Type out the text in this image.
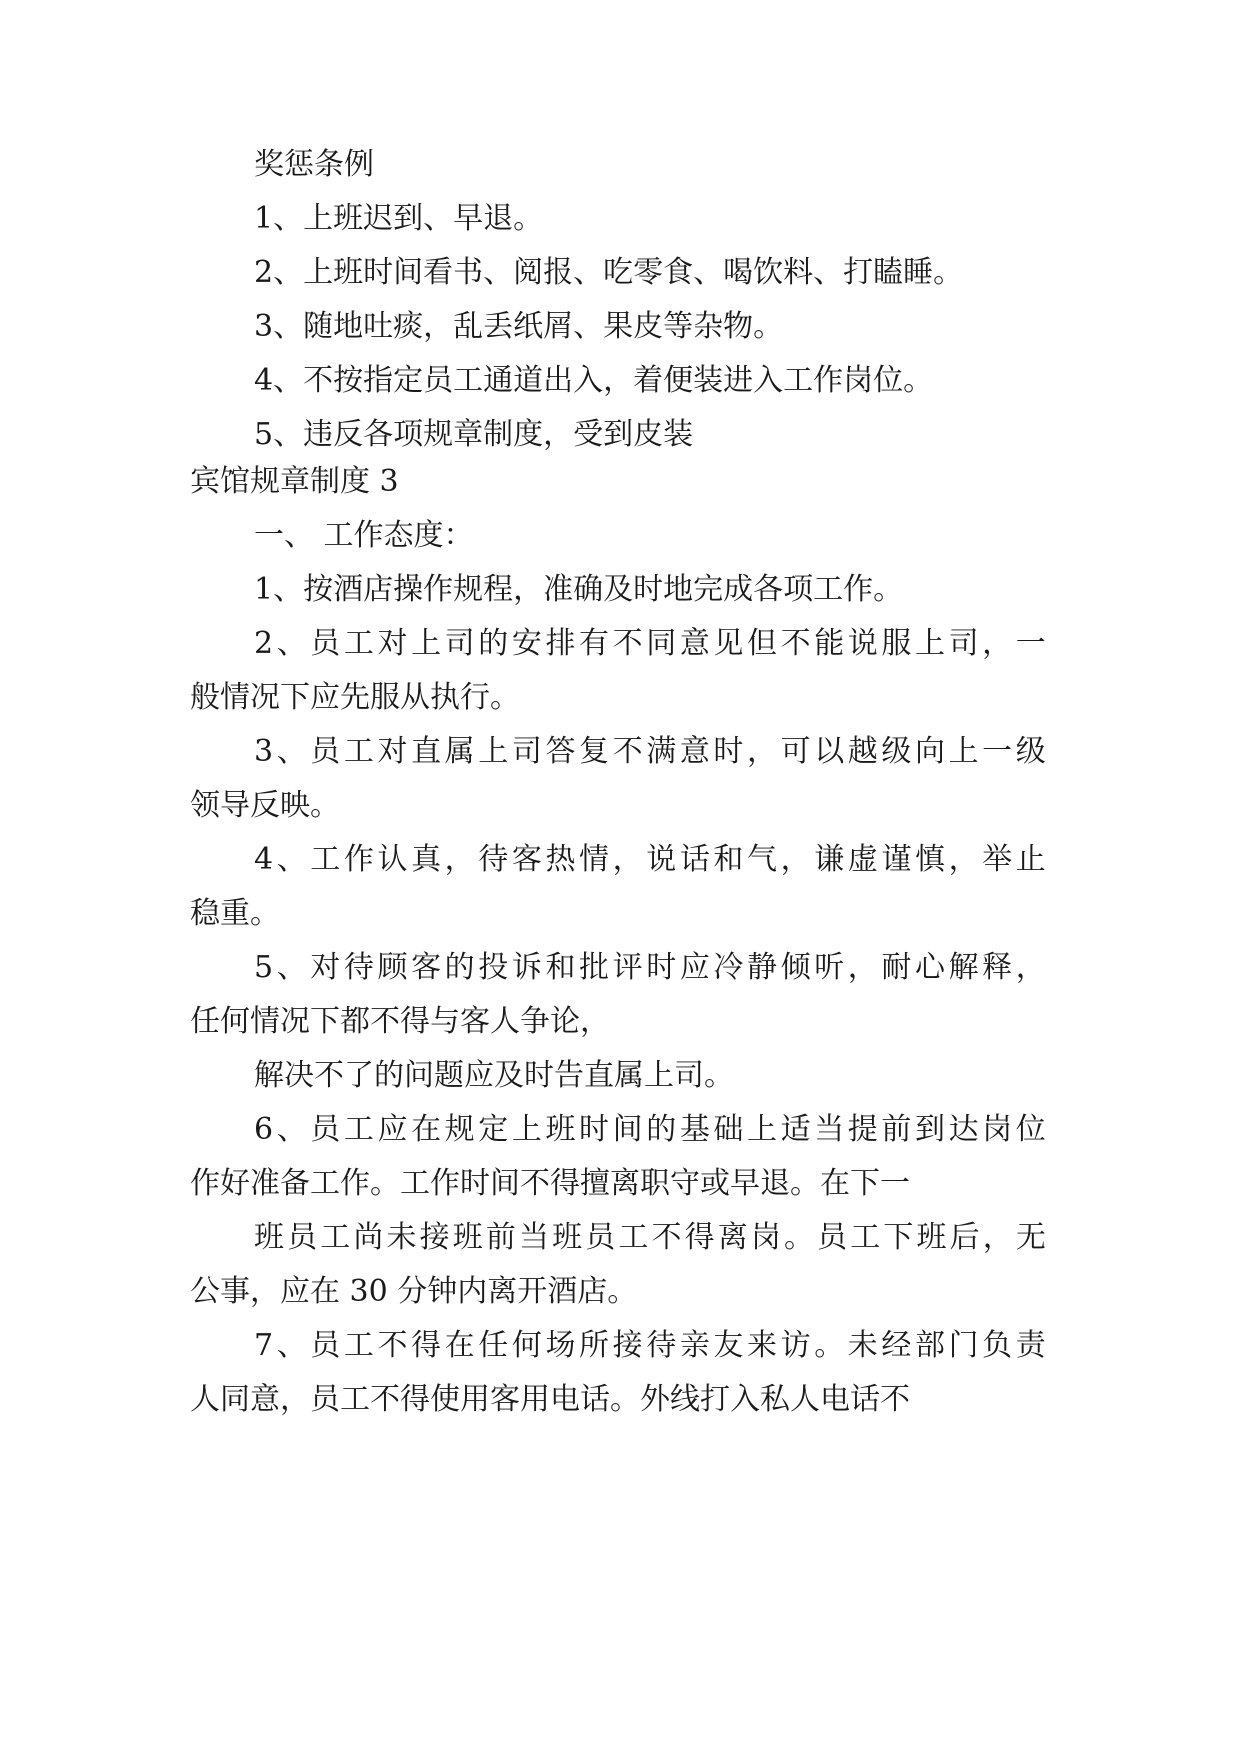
奖惩条例
1、上班迟到、早退。
2、上班时间看书、阅报、吃零食、喝饮料、打瞌睡。
3、随地吐痰，乱丢纸屑、果皮等杂物。
4、不按指定员工通道出入，着便装进入工作岗位。
5、违反各项规章制度，受到皮装
宾馆规章制度 3
一、 工作态度：
1、按酒店操作规程，准确及时地完成各项工作。
2 、 员 工 对 上 司 的 安 排 有 不 同 意 见 但 不 能 说 服 上 司 ， 一
般情况下应先服从执行。
3 、 员 工 对 直 属 上 司 答 复 不 满 意 时 ， 可 以 越 级 向 上 一 级
领导反映。
4 、 工 作 认 真 ， 待 客 热 情 ， 说 话 和 气 ， 谦 虚 谨 慎 ， 举 止
稳重。
5 、 对 待 顾 客 的 投 诉 和 批 评 时 应 冷 静 倾 听 ， 耐 心 解 释 ，
任何情况下都不得与客人争论，
解决不了的问题应及时告直属上司。
6 、 员 工 应 在 规 定 上 班 时 间 的 基 础 上 适 当 提 前 到 达 岗 位
作好准备工作。工作时间不得擅离职守或早退。在下一
班 员 工 尚 未 接 班 前 当 班 员 工 不 得 离 岗 。 员 工 下 班 后 ， 无
公事，应在 30 分钟内离开酒店。
7 、 员 工 不 得 在 任 何 场 所 接 待 亲 友 来 访 。 未 经 部 门 负 责
人同意，员工不得使用客用电话。外线打入私人电话不
